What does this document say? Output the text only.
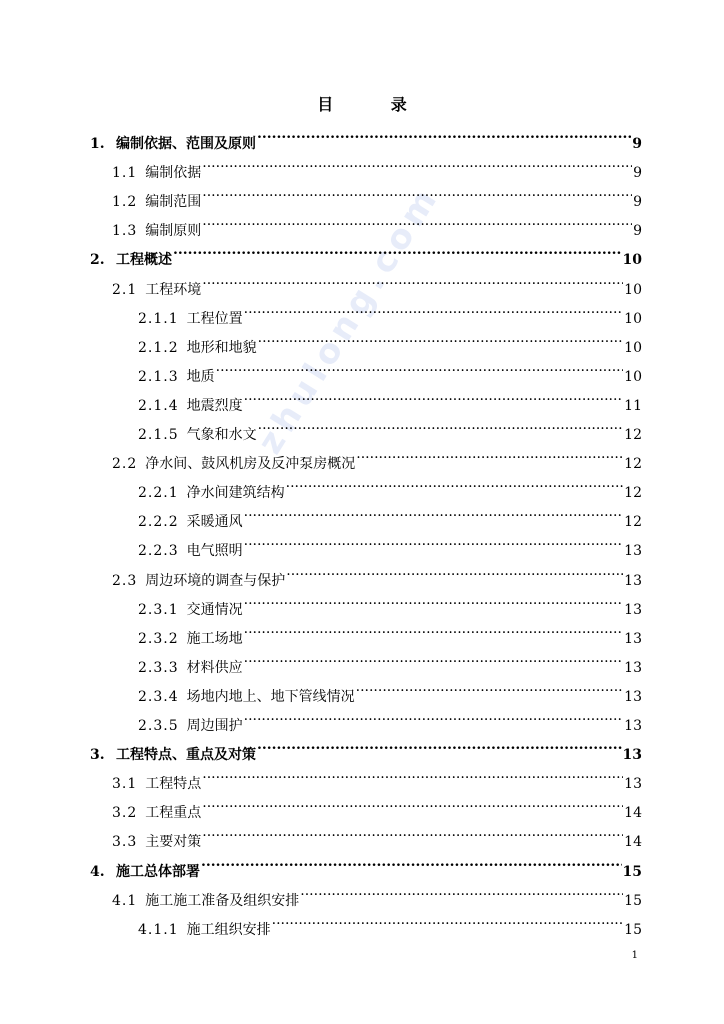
zhulong.com
目 录
1. 编制依据、范围及原则 .....	9
1.1 编制依据 .....	9
1.2 编制范围 .....	9
1.3 编制原则 .....	9
2. 工程概述 .....	10
2.1 工程环境 .....	10
2.1.1 工程位置 .....	10
2.1.2 地形和地貌 .....	10
2.1.3 地质 .....	10
2.1.4 地震烈度 .....	11
2.1.5 气象和水文 .....	12
2.2 净水间、鼓风机房及反冲泵房概况 .....	12
2.2.1 净水间建筑结构 .....	12
2.2.2 采暖通风 .....	12
2.2.3 电气照明 .....	13
2.3 周边环境的调查与保护 .....	13
2.3.1 交通情况 .....	13
2.3.2 施工场地 .....	13
2.3.3 材料供应 .....	13
2.3.4 场地内地上、地下管线情况 .....	13
2.3.5 周边围护 .....	13
3. 工程特点、重点及对策 .....	13
3.1 工程特点 .....	13
3.2 工程重点 .....	14
3.3 主要对策 .....	14
4. 施工总体部署 .....	15
4.1 施工施工准备及组织安排 .....	15
4.1.1 施工组织安排 .....	15
1
